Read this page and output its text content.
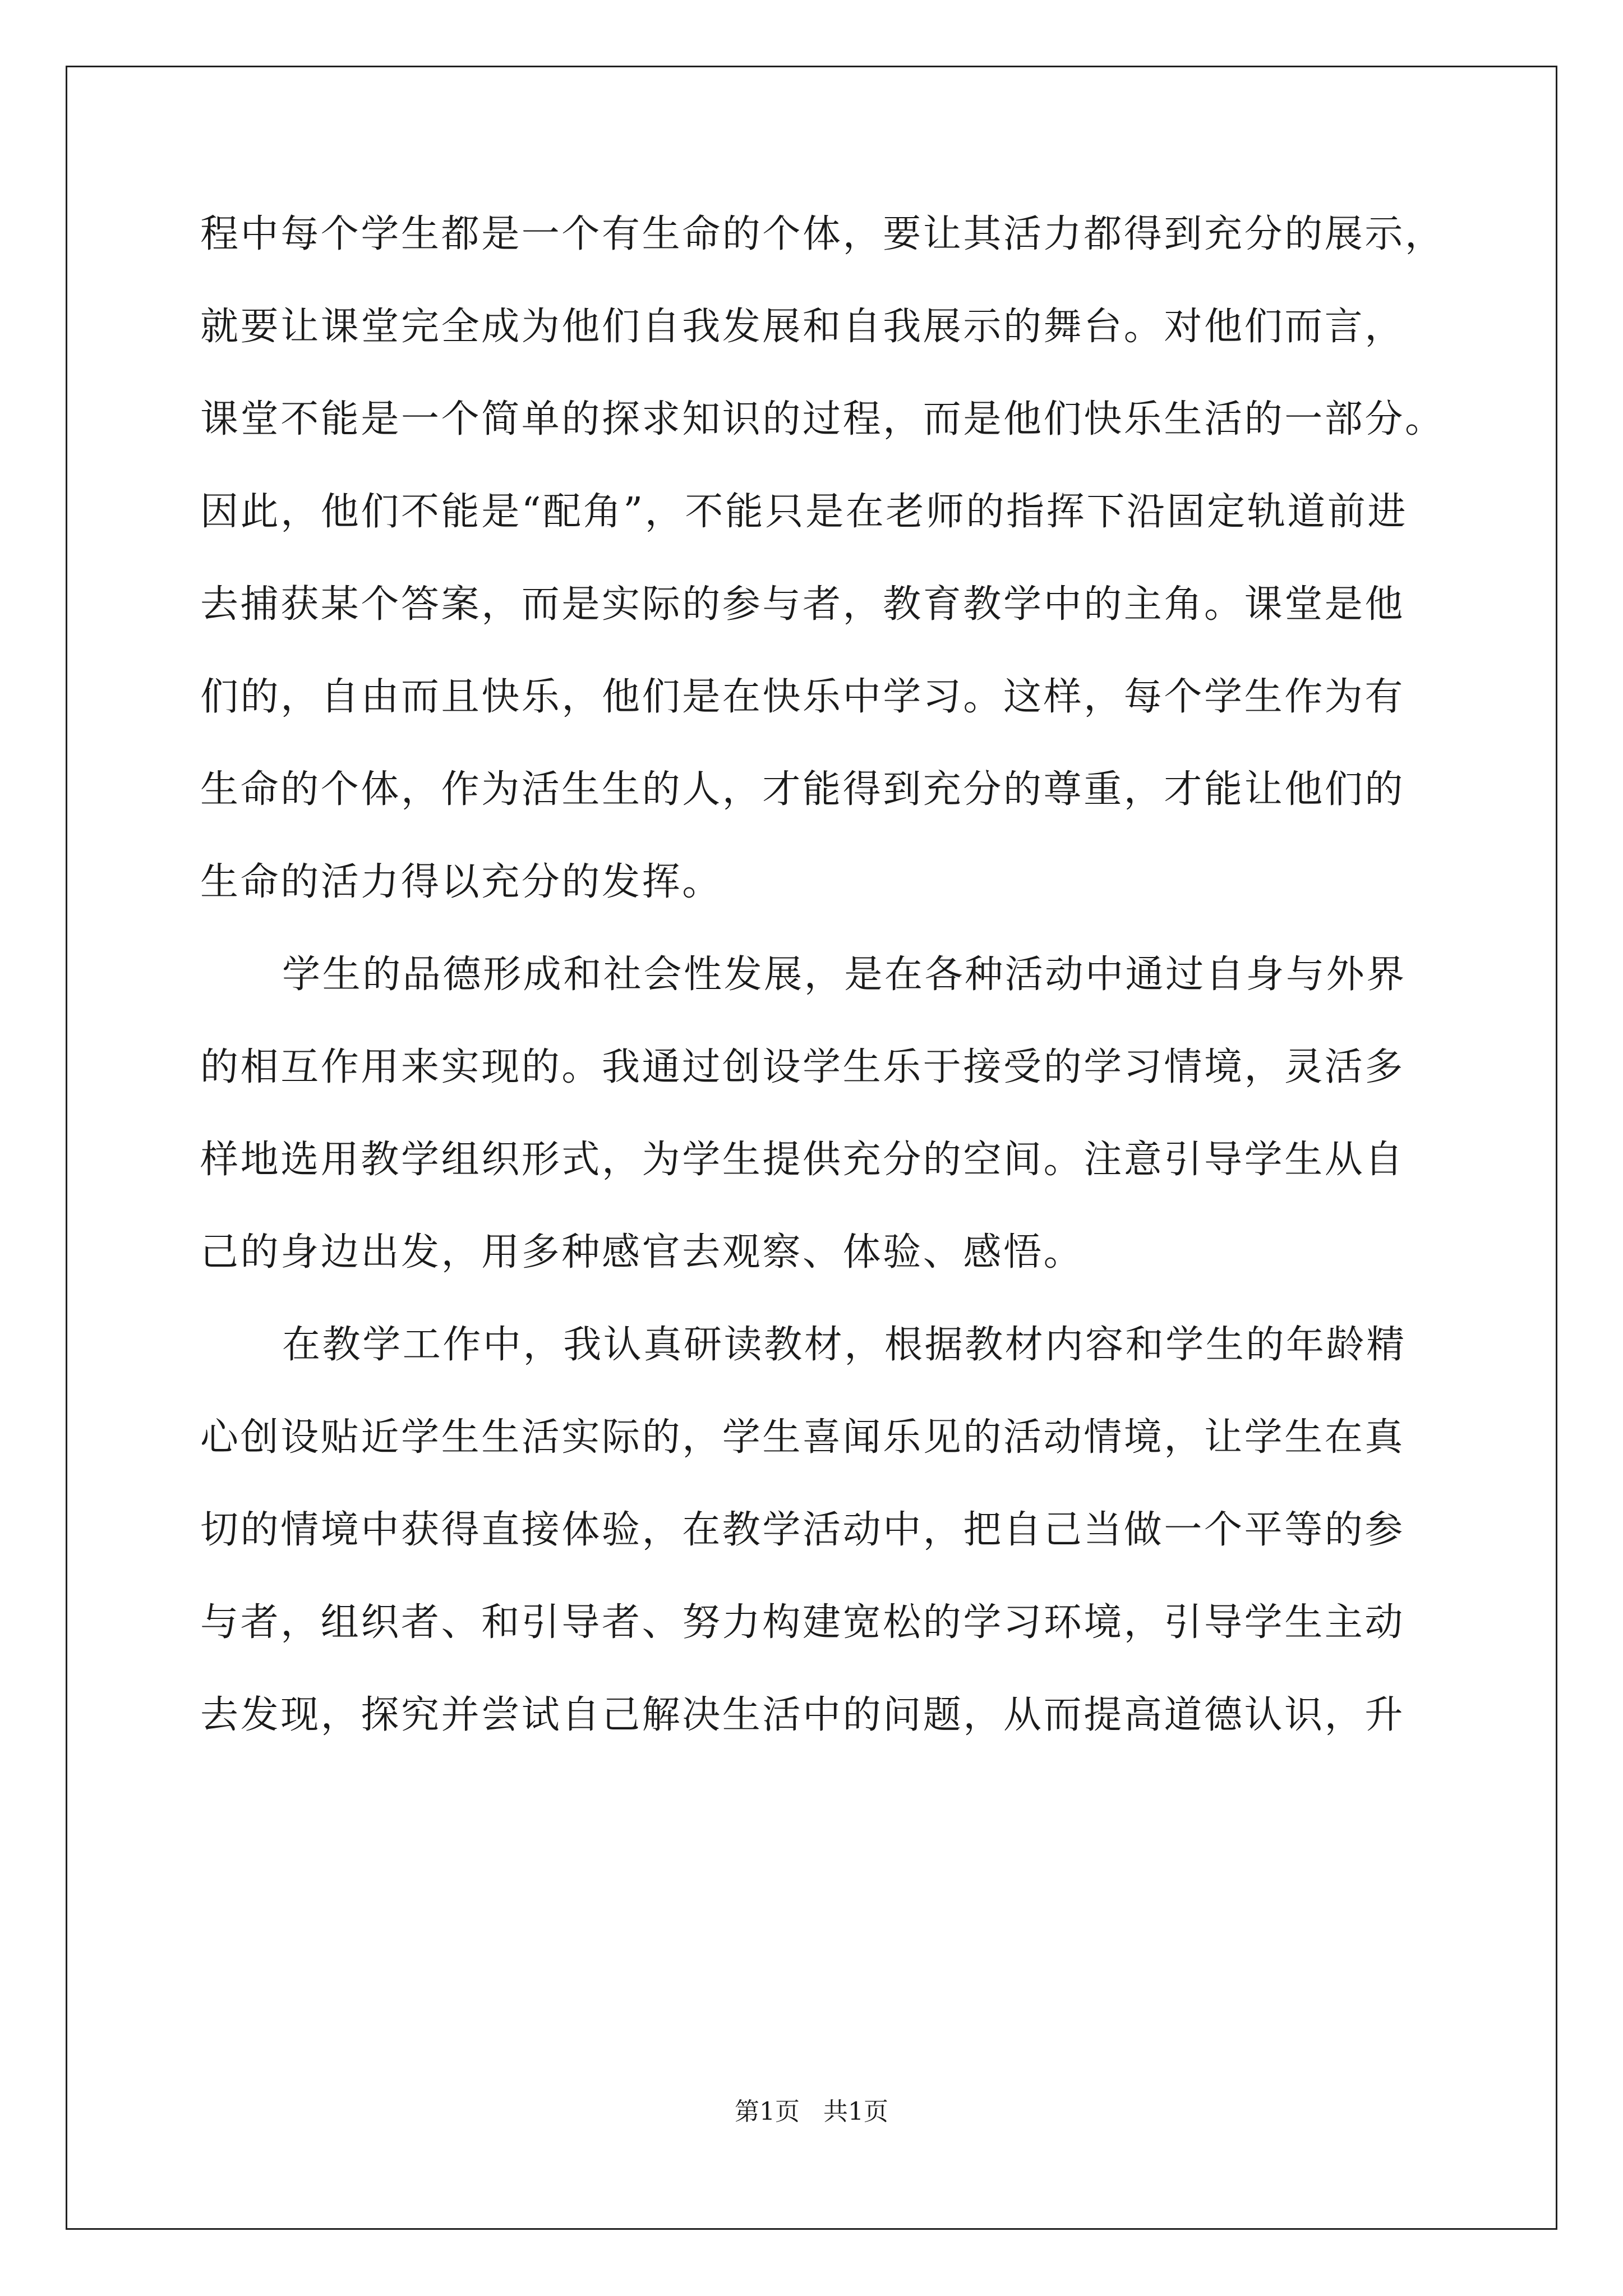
程中每个学生都是一个有生命的个体，要让其活力都得到充分的展示，
就要让课堂完全成为他们自我发展和自我展示的舞台。对他们而言，
课堂不能是一个简单的探求知识的过程，而是他们快乐生活的一部分。
因此，他们不能是“配角”，不能只是在老师的指挥下沿固定轨道前进
去捕获某个答案，而是实际的参与者，教育教学中的主角。课堂是他
们的，自由而且快乐，他们是在快乐中学习。这样，每个学生作为有
生命的个体，作为活生生的人，才能得到充分的尊重，才能让他们的
生命的活力得以充分的发挥。
学生的品德形成和社会性发展，是在各种活动中通过自身与外界
的相互作用来实现的。我通过创设学生乐于接受的学习情境，灵活多
样地选用教学组织形式，为学生提供充分的空间。注意引导学生从自
己的身边出发，用多种感官去观察、体验、感悟。
在教学工作中，我认真研读教材，根据教材内容和学生的年龄精
心创设贴近学生生活实际的，学生喜闻乐见的活动情境，让学生在真
切的情境中获得直接体验，在教学活动中，把自己当做一个平等的参
与者，组织者、和引导者、努力构建宽松的学习环境，引导学生主动
去发现，探究并尝试自己解决生活中的问题，从而提高道德认识，升
第1页   共1页
